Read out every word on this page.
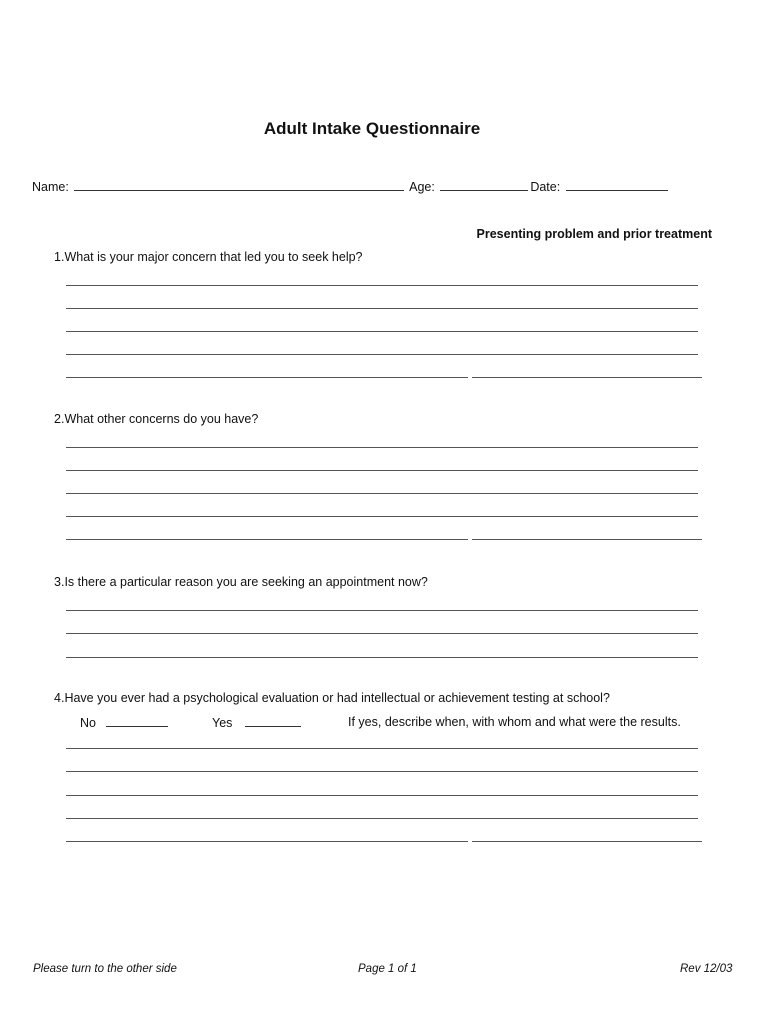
Adult Intake Questionnaire
Name:	Age:	Date:
Presenting problem and prior treatment
1.What is your major concern that led you to seek help?
2.What other concerns do you have?
3.Is there a particular reason you are seeking an appointment now?
4.Have you ever had a psychological evaluation or had intellectual or achievement testing at school?
No	Yes	If yes, describe when, with whom and what were the results.
Please turn to the other side	Page 1 of 1	Rev 12/03
